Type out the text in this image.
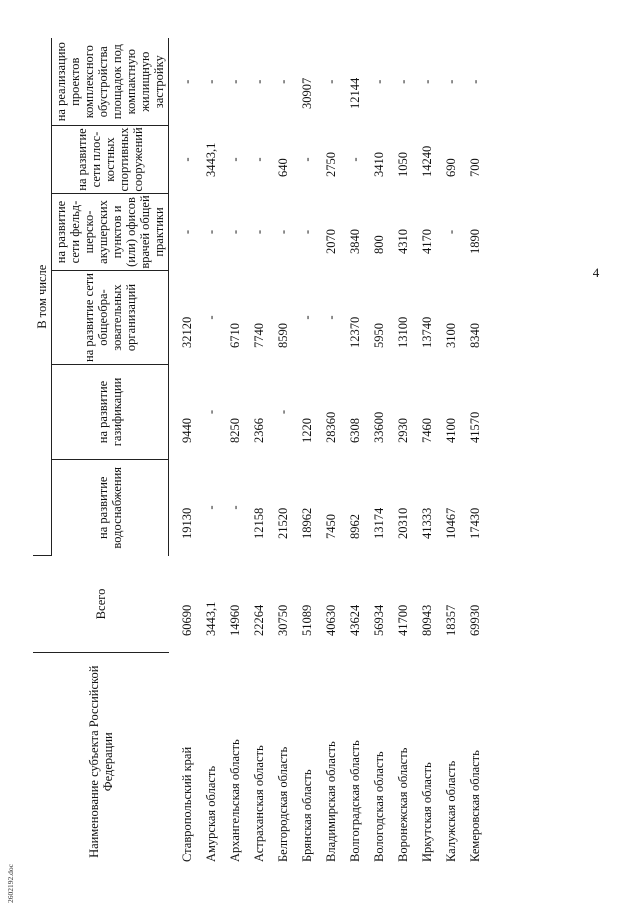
4
2602192.doc
Наименование субъекта Российской Федерации	Всего	В том числе					
		на развитие водоснабжения	на развитие газификации	на развитие сети общеобра-зовательных организаций	на развитие сети фельд-шерско-акушерских пунктов и (или) офисов врачей общей практики	на развитие сети плос-костных спортивных сооружений	на реализацию проектов комплексного обустройства площадок под компактную жилищную застройку
Ставропольский край	60690	19130	9440	32120	-	-	-
Амурская область	3443,1	-	-	-	-	3443,1	-
Архангельская область	14960	-	8250	6710	-	-	-
Астраханская область	22264	12158	2366	7740	-	-	-
Белгородская область	30750	21520	-	8590	-	640	-
Брянская область	51089	18962	1220	-	-	-	30907
Владимирская область	40630	7450	28360	-	2070	2750	-
Волгоградская область	43624	8962	6308	12370	3840	-	12144
Вологодская область	56934	13174	33600	5950	800	3410	-
Воронежская область	41700	20310	2930	13100	4310	1050	-
Иркутская область	80943	41333	7460	13740	4170	14240	-
Калужская область	18357	10467	4100	3100	-	690	-
Кемеровская область	69930	17430	41570	8340	1890	700	-
